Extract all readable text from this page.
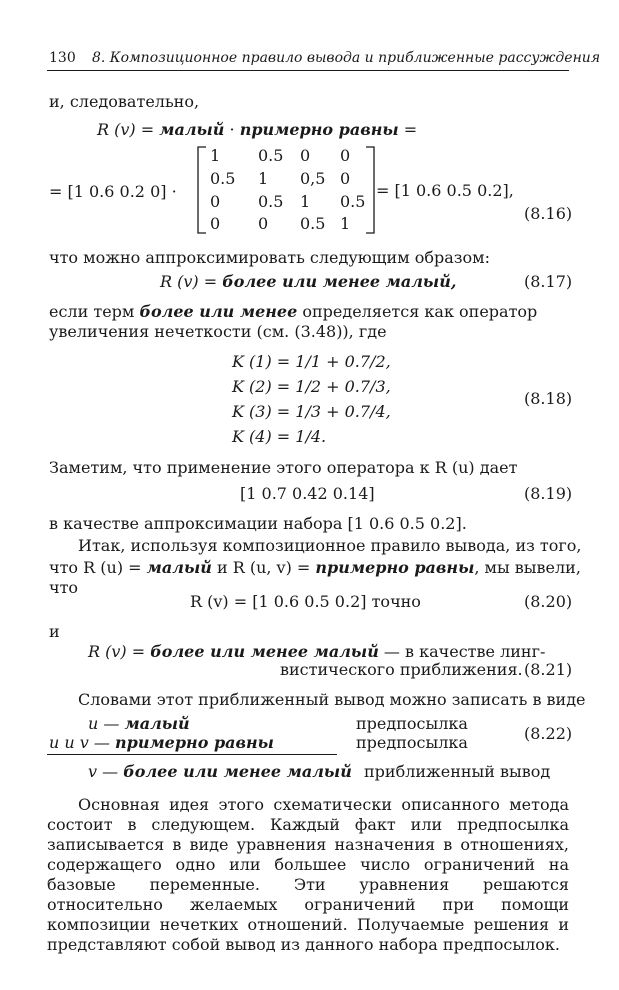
130 8. Композиционное правило вывода и приближенные рассуждения
и, следовательно,
R (v) = малый · примерно равны =
= [1 0.6 0.2 0] ·
1 0.5 0 0
0.5 1 0,5 0
0 0.5 1 0.5
0 0 0.5 1
= [1 0.6 0.5 0.2],
(8.16)
что можно аппроксимировать следующим образом:
R (v) = более или менее малый,	(8.17)
если терм более или менее определяется как оператор
увеличения нечеткости (см. (3.48)), где
K (1) = 1/1 + 0.7/2,
K (2) = 1/2 + 0.7/3,
K (3) = 1/3 + 0.7/4,
K (4) = 1/4.
(8.18)
Заметим, что применение этого оператора к R (u) дает
[1 0.7 0.42 0.14]	(8.19)
в качестве аппроксимации набора [1 0.6 0.5 0.2].
Итак, используя композиционное правило вывода, из того,
что R (u) = малый и R (u, v) = примерно равны, мы вывели,
что
R (v) = [1 0.6 0.5 0.2] точно	(8.20)
и
R (v) = более или менее малый — в качестве линг-
вистического приближения. (8.21)
Словами этот приближенный вывод можно записать в виде
u — малый	предпосылка
u и v — примерно равны	предпосылка	(8.22)
v — более или менее малый приближенный вывод
Основная идея этого схематически описанного метода состоит в следующем. Каждый факт или предпосылка записывается в виде уравнения назначения в отношениях, содержащего одно или большее число ограничений на базовые переменные. Эти уравнения решаются относительно желаемых ограничений при помощи композиции нечетких отношений. Получаемые решения и представляют собой вывод из данного набора предпосылок.
